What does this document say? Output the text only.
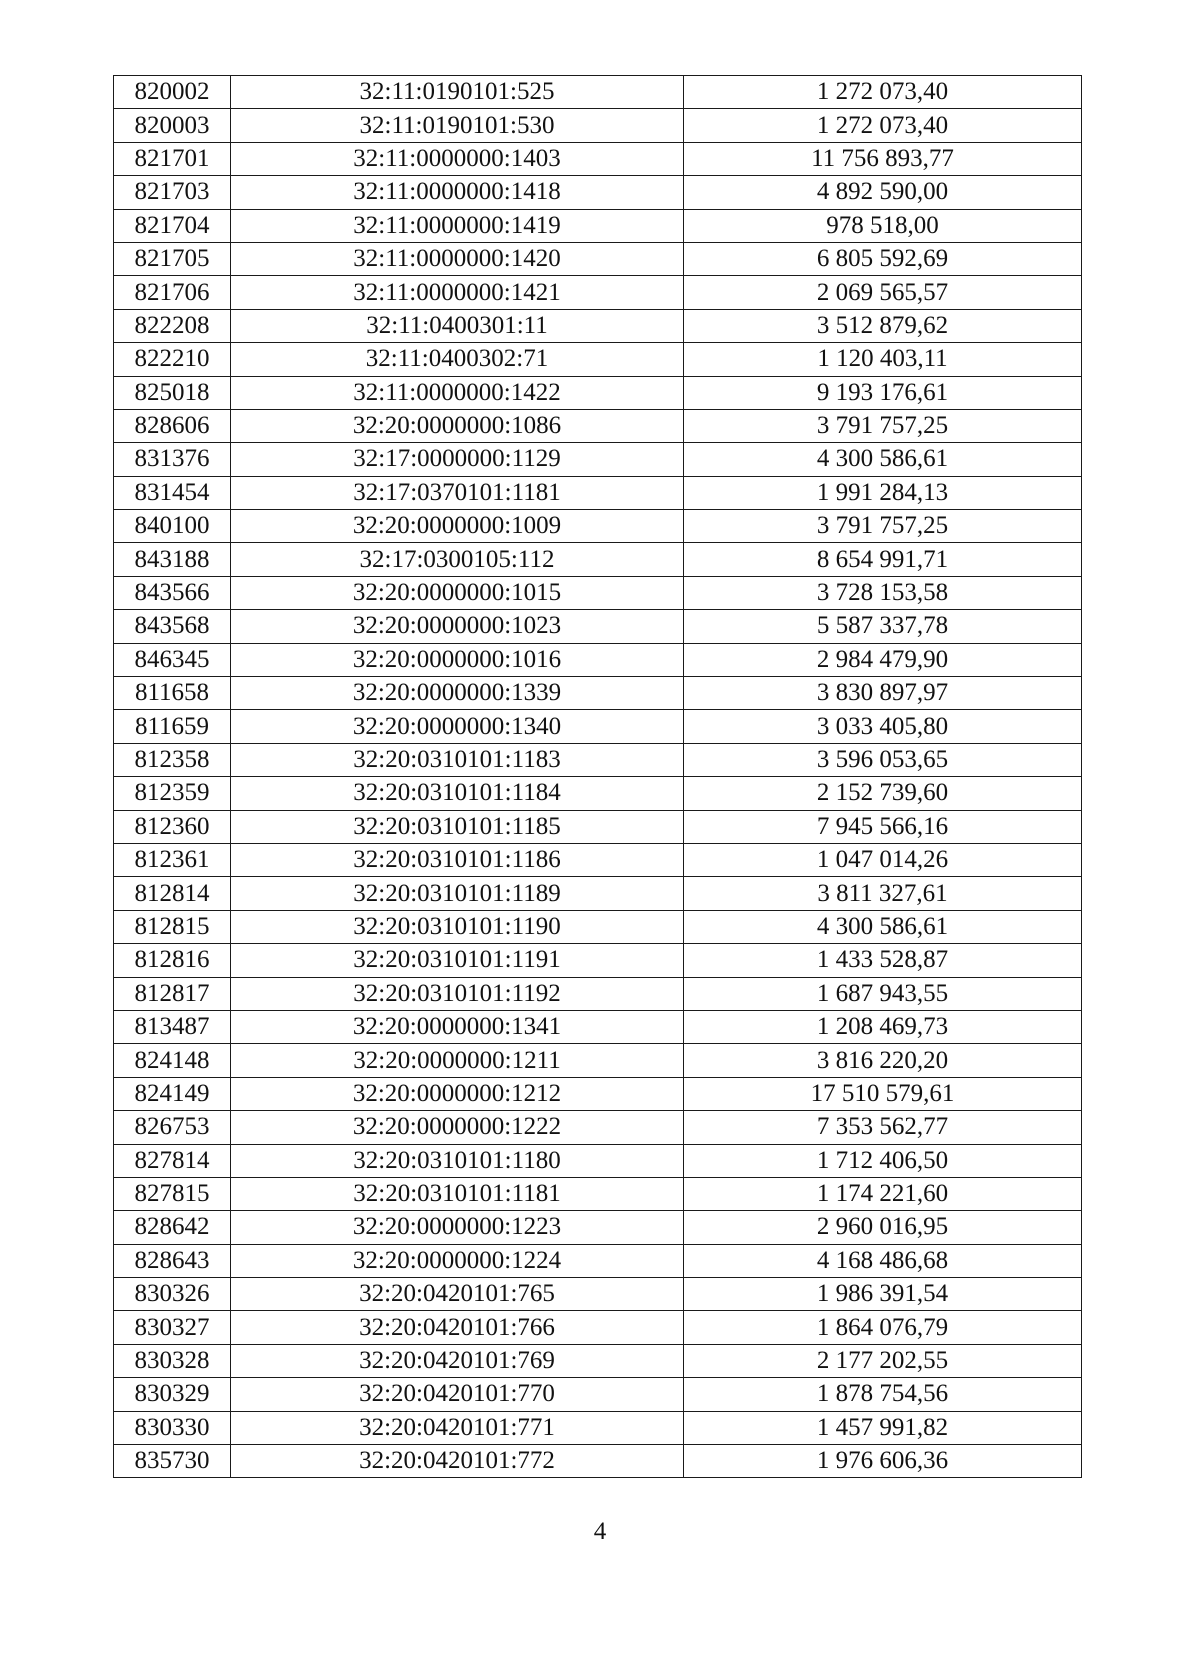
820002	32:11:0190101:525	1 272 073,40
820003	32:11:0190101:530	1 272 073,40
821701	32:11:0000000:1403	11 756 893,77
821703	32:11:0000000:1418	4 892 590,00
821704	32:11:0000000:1419	978 518,00
821705	32:11:0000000:1420	6 805 592,69
821706	32:11:0000000:1421	2 069 565,57
822208	32:11:0400301:11	3 512 879,62
822210	32:11:0400302:71	1 120 403,11
825018	32:11:0000000:1422	9 193 176,61
828606	32:20:0000000:1086	3 791 757,25
831376	32:17:0000000:1129	4 300 586,61
831454	32:17:0370101:1181	1 991 284,13
840100	32:20:0000000:1009	3 791 757,25
843188	32:17:0300105:112	8 654 991,71
843566	32:20:0000000:1015	3 728 153,58
843568	32:20:0000000:1023	5 587 337,78
846345	32:20:0000000:1016	2 984 479,90
811658	32:20:0000000:1339	3 830 897,97
811659	32:20:0000000:1340	3 033 405,80
812358	32:20:0310101:1183	3 596 053,65
812359	32:20:0310101:1184	2 152 739,60
812360	32:20:0310101:1185	7 945 566,16
812361	32:20:0310101:1186	1 047 014,26
812814	32:20:0310101:1189	3 811 327,61
812815	32:20:0310101:1190	4 300 586,61
812816	32:20:0310101:1191	1 433 528,87
812817	32:20:0310101:1192	1 687 943,55
813487	32:20:0000000:1341	1 208 469,73
824148	32:20:0000000:1211	3 816 220,20
824149	32:20:0000000:1212	17 510 579,61
826753	32:20:0000000:1222	7 353 562,77
827814	32:20:0310101:1180	1 712 406,50
827815	32:20:0310101:1181	1 174 221,60
828642	32:20:0000000:1223	2 960 016,95
828643	32:20:0000000:1224	4 168 486,68
830326	32:20:0420101:765	1 986 391,54
830327	32:20:0420101:766	1 864 076,79
830328	32:20:0420101:769	2 177 202,55
830329	32:20:0420101:770	1 878 754,56
830330	32:20:0420101:771	1 457 991,82
835730	32:20:0420101:772	1 976 606,36
4
